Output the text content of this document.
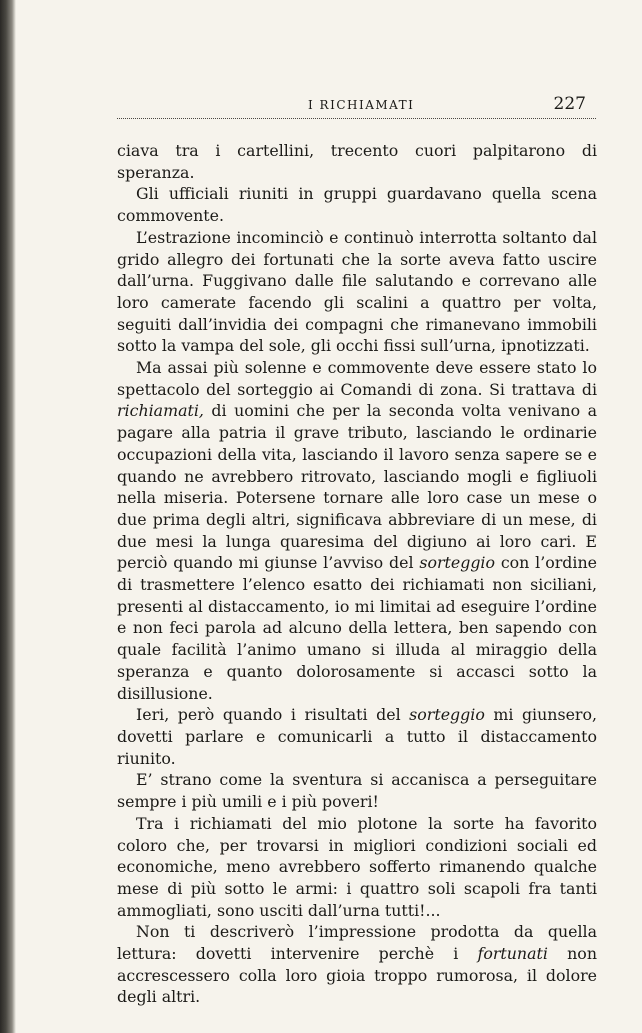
I RICHIAMATI	227

ciava tra i cartellini, trecento cuori palpitarono di speranza.

Gli ufficiali riuniti in gruppi guardavano quella scena commovente.

L’estrazione incominciò e continuò interrotta soltanto dal grido allegro dei fortunati che la sorte aveva fatto uscire dall’urna. Fuggivano dalle file salutando e correvano alle loro camerate facendo gli scalini a quattro per volta, seguiti dall’invidia dei compagni che rimanevano immobili sotto la vampa del sole, gli occhi fissi sull’urna, ipnotizzati.

Ma assai più solenne e commovente deve essere stato lo spettacolo del sorteggio ai Comandi di zona. Si trattava di richiamati, di uomini che per la seconda volta venivano a pagare alla patria il grave tributo, lasciando le ordinarie occupazioni della vita, lasciando il lavoro senza sapere se e quando ne avrebbero ritrovato, lasciando mogli e figliuoli nella miseria. Potersene tornare alle loro case un mese o due prima degli altri, significava abbreviare di un mese, di due mesi la lunga quaresima del digiuno ai loro cari. E perciò quando mi giunse l’avviso del sorteggio con l’ordine di trasmettere l’elenco esatto dei richiamati non siciliani, presenti al distaccamento, io mi limitai ad eseguire l’ordine e non feci parola ad alcuno della lettera, ben sapendo con quale facilità l’animo umano si illuda al miraggio della speranza e quanto dolorosamente si accasci sotto la disillusione.

Ieri, però quando i risultati del sorteggio mi giunsero, dovetti parlare e comunicarli a tutto il distaccamento riunito.

E’ strano come la sventura si accanisca a perseguitare sempre i più umili e i più poveri!

Tra i richiamati del mio plotone la sorte ha favorito coloro che, per trovarsi in migliori condizioni sociali ed economiche, meno avrebbero sofferto rimanendo qualche mese di più sotto le armi: i quattro soli scapoli fra tanti ammogliati, sono usciti dall’urna tutti!...

Non ti descriverò l’impressione prodotta da quella lettura: dovetti intervenire perchè i fortunati non accrescessero colla loro gioia troppo rumorosa, il dolore degli altri.
